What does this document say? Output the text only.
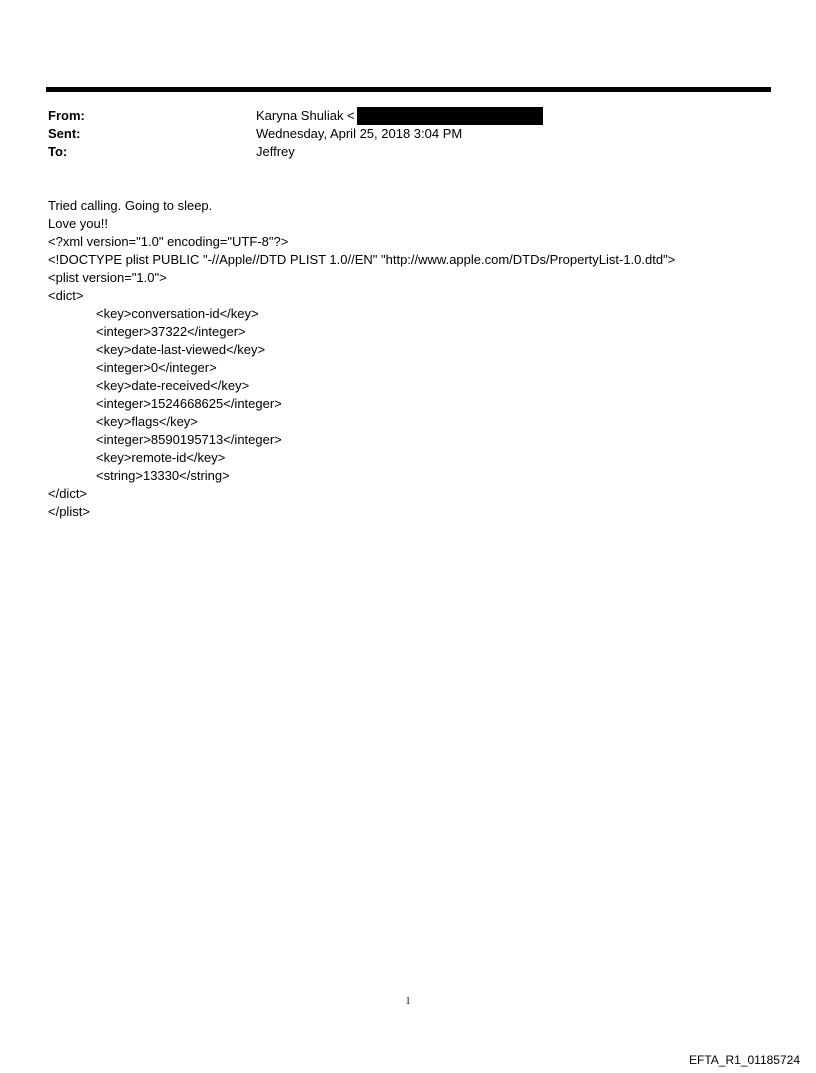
From:	Karyna Shuliak <
Sent:	Wednesday, April 25, 2018 3:04 PM
To:	Jeffrey
Tried calling. Going to sleep.
Love you!!
<?xml version="1.0" encoding="UTF-8"?>
<!DOCTYPE plist PUBLIC "-//Apple//DTD PLIST 1.0//EN" "http://www.apple.com/DTDs/PropertyList-1.0.dtd">
<plist version="1.0">
<dict>
<key>conversation-id</key>
<integer>37322</integer>
<key>date-last-viewed</key>
<integer>0</integer>
<key>date-received</key>
<integer>1524668625</integer>
<key>flags</key>
<integer>8590195713</integer>
<key>remote-id</key>
<string>13330</string>
</dict>
</plist>
1
EFTA_R1_01185724
